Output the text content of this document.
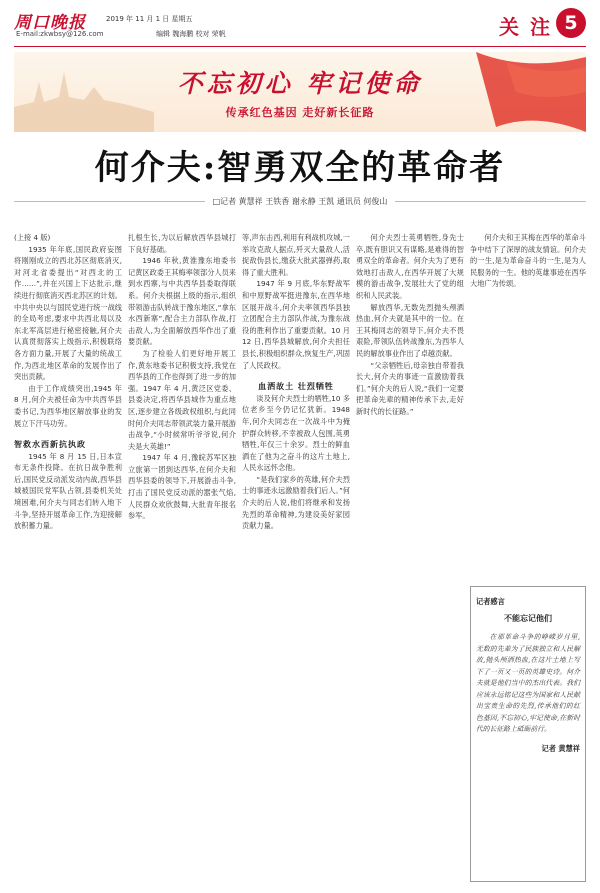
周口晚报
E-mail:zkwbsy@126.com
2019 年 11 月 1 日 星期五
编辑 魏海鹏 校对 荣帆	关 注 5
不忘初心 牢记使命
传承红色基因 走好新长征路
何介夫:智勇双全的革命者
□记者 黄慧祥 王铁香 谢永静 王凯 通讯员 何俊山

(上接 4 版)

1935 年年底,国民政府妄图将刚刚成立的西北苏区彻底消灭,对河北省委提出“对西北的工作……”,并在兴国上下达批示,继续进行彻底消灭西北苏区的计划。中共中央以与国民党进行统一战线的全局考虑,要求中共西北局以及东北军高层进行秘密接触,何介夫认真贯彻落实上级指示,积极联络各方面力量,开展了大量的统战工作,为西北地区革命的发展作出了突出贡献。

由于工作成绩突出,1945 年 8 月,何介夫被任命为中共西华县委书记,为西华地区解放事业的发展立下汗马功劳。

智救水西新抗执政

1945 年 8 月 15 日,日本宣布无条件投降。在抗日战争胜利后,国民党反动派发动内战,西华县城被国民党军队占领,县委机关处境困难,何介夫与同志们转入地下斗争,坚持开展革命工作,为迎接解放积蓄力量。

扎根生长,为以后解放西华县城打下良好基础。

1946 年秋,黄淮豫东地委书记黄区政委王其梅率领部分人员来到水西寨,与中共西华县委取得联系。何介夫根据上级的指示,组织带领游击队转战于豫东地区,“拿东水西新寨”,配合主力部队作战,打击敌人,为全面解放西华作出了重要贡献。

为了检验人们更好地开展工作,黄东地委书记积极支持,我党在西华县的工作也得到了进一步的加强。1947 年 4 月,黄泛区党委、县委决定,将西华县城作为重点地区,逐步建立各级政权组织,与此同时何介夫同志带领武装力量开展游击战争,“小时候常听爷爷说,何介夫是大英雄!”

1947 年 4 月,豫皖苏军区独立旅第一团到达西华,在何介夫和西华县委的领导下,开展游击斗争,打击了国民党反动派的嚣张气焰,人民群众欢欣鼓舞,大批青年报名参军。

等,声东击西,利用有利战机攻城,一举攻克敌人据点,歼灭大量敌人,活捉敌伪县长,缴获大批武器弹药,取得了重大胜利。

1947 年 9 月底,华东野战军和中原野战军挺进豫东,在西华地区展开战斗,何介夫率领西华县独立团配合主力部队作战,为豫东战役的胜利作出了重要贡献。10 月 12 日,西华县城解放,何介夫担任县长,积极组织群众,恢复生产,巩固了人民政权。

血洒故土 壮烈牺牲

谈及何介夫烈士的牺牲,10 多位老乡至今仍记忆犹新。1948 年,何介夫同志在一次战斗中为掩护群众转移,不幸被敌人包围,英勇牺牲,年仅三十余岁。烈士的鲜血洒在了他为之奋斗的这片土地上,人民永远怀念他。

“是我们家乡的英雄,何介夫烈士的事迹永远激励着我们后人。”何介夫的后人说,他们将继承和发扬先烈的革命精神,为建设美好家园贡献力量。

何介夫烈士英勇牺牲,身先士卒,既有胆识又有谋略,是难得的智勇双全的革命者。何介夫为了更有效地打击敌人,在西华开展了大规模的游击战争,发展壮大了党的组织和人民武装。

解放西华,无数先烈抛头颅洒热血,何介夫就是其中的一位。在王其梅同志的领导下,何介夫不畏艰险,带领队伍转战豫东,为西华人民的解放事业作出了卓越贡献。

“父亲牺牲后,母亲独自带着我长大,何介夫的事迹一直激励着我们。”何介夫的后人说,“我们一定要把革命先辈的精神传承下去,走好新时代的长征路。”

何介夫和王其梅在西华的革命斗争中结下了深厚的战友情谊。何介夫的一生,是为革命奋斗的一生,是为人民服务的一生。他的英雄事迹在西华大地广为传颂。

记者感言
不能忘记他们

在那革命斗争的峥嵘岁月里,无数的先辈为了民族独立和人民解放,抛头颅洒热血,在这片土地上写下了一页又一页的英雄史诗。何介夫就是他们当中的杰出代表。我们应该永远铭记这些为国家和人民献出宝贵生命的先烈,传承他们的红色基因,不忘初心,牢记使命,在新时代的长征路上砥砺前行。

记者 黄慧祥
